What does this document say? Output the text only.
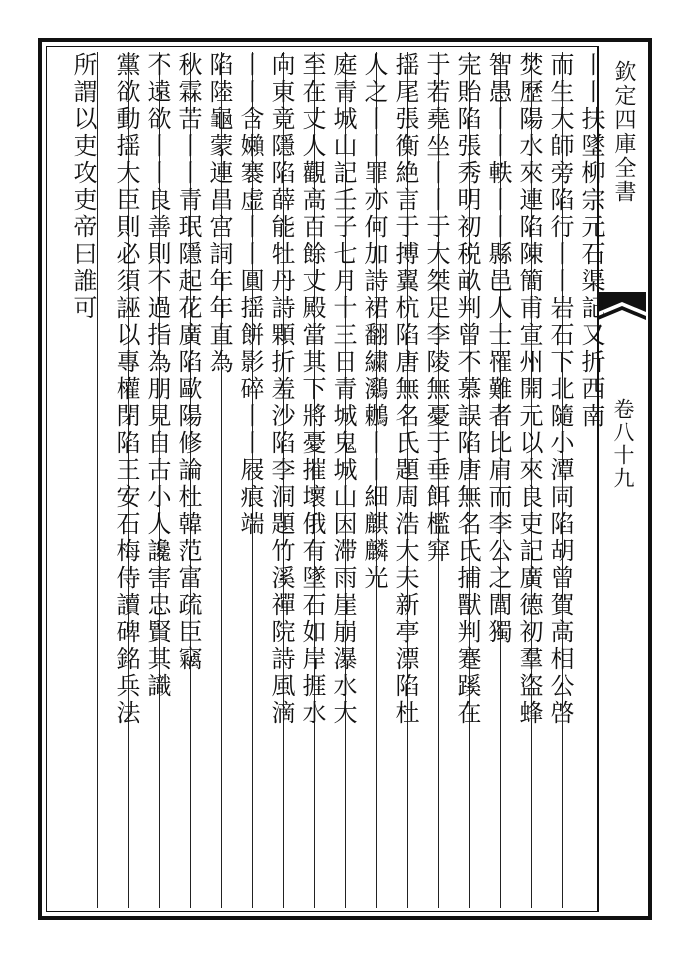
欽定四庫全書
卷八十九
丨丨扶墜柳宗元石渠記又折西南
而生大師旁陷行丨丨岩石下北隨小潭同陷胡曾賀高相公啓
焚歷陽水來連陷陳簡甫宣州開元以來良吏記廣德初羣盜蜂
智愚丨丨軼丨丨縣邑人士罹難者比肩而李公之閭獨
完貽陷張秀明初税畝判曾不慕誤陷唐無名氏捕獸判蹇蹊在
于若堯坐丨丨于大桀足李陵無憂于垂餌檻穽
揺尾張衡絶言于搏翼杭陷唐無名氏題周浩大夫新亭漂陷杜
人之丨丨罪亦何加詩裙翻繍鸂鶒丨丨細麒麟光
庭青城山記壬子七月十三日青城鬼城山因滞雨崖崩瀑水大
至在丈人觀高百餘丈殿當其下將憂摧壞俄有墜石如岸捱水
向東竟隱陷薛能牡丹詩顆折羞沙陷李洞題竹溪禪院詩風滴
丨丨含嬾褰虚丨丨圓揺餅影碎丨丨屐痕端
陷陸龜蒙連昌宫詞年年直為
秋霖苦丨丨青珉隱起花廣陷歐陽修論杜韓范富疏臣竊
不遠欲丨丨良善則不過指為朋見自古小人讒害忠賢其識
黨欲動揺大臣則必須誣以專權閉陷王安石梅侍讀碑銘兵法
所謂以吏攻吏帝曰誰可
